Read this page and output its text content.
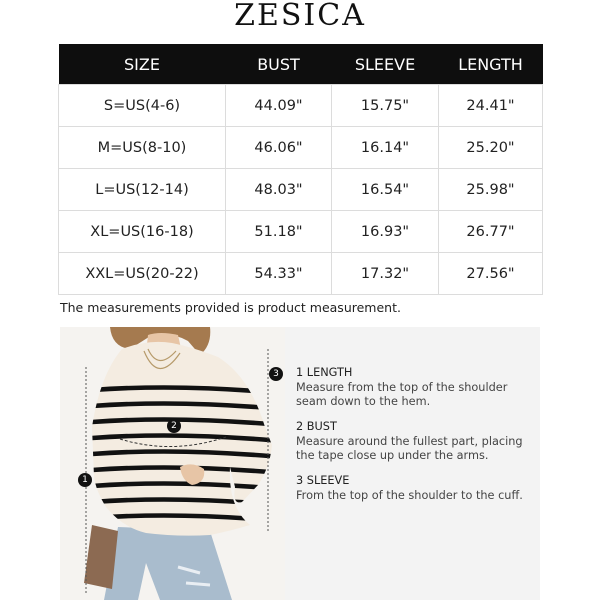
ZESICA
SIZE	BUST	SLEEVE	LENGTH
S=US(4-6)	44.09"	15.75"	24.41"
M=US(8-10)	46.06"	16.14"	25.20"
L=US(12-14)	48.03"	16.54"	25.98"
XL=US(16-18)	51.18"	16.93"	26.77"
XXL=US(20-22)	54.33"	17.32"	27.56"
The measurements provided is product measurement.
1
2
3	1 LENGTH
Measure from the top of the shoulder seam down to the hem.
2 BUST
Measure around the fullest part, placing the tape close up under the arms.
3 SLEEVE
From the top of the shoulder to the cuff.
